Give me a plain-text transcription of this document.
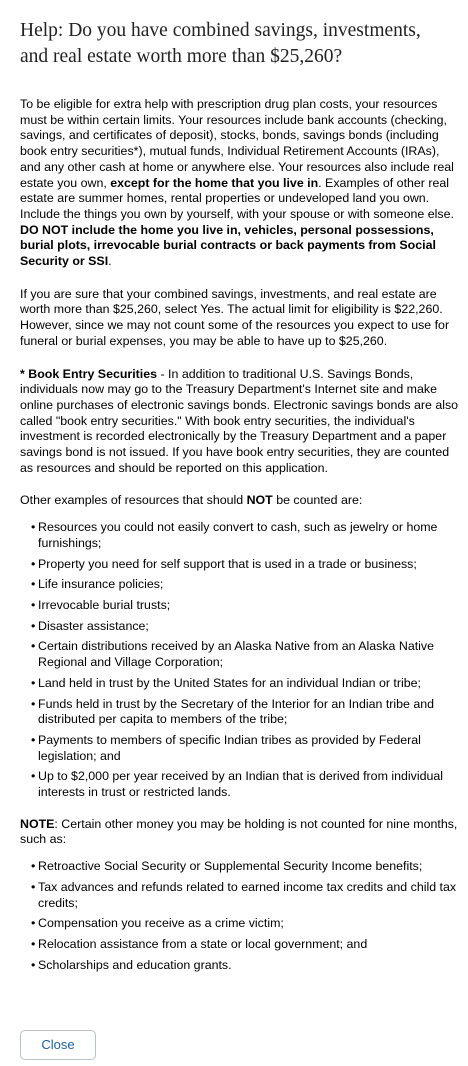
Help: Do you have combined savings, investments, and real estate worth more than $25,260?

To be eligible for extra help with prescription drug plan costs, your resources must be within certain limits. Your resources include bank accounts (checking, savings, and certificates of deposit), stocks, bonds, savings bonds (including book entry securities*), mutual funds, Individual Retirement Accounts (IRAs), and any other cash at home or anywhere else. Your resources also include real estate you own, except for the home that you live in. Examples of other real estate are summer homes, rental properties or undeveloped land you own. Include the things you own by yourself, with your spouse or with someone else. DO NOT include the home you live in, vehicles, personal possessions, burial plots, irrevocable burial contracts or back payments from Social Security or SSI.

If you are sure that your combined savings, investments, and real estate are worth more than $25,260, select Yes. The actual limit for eligibility is $22,260. However, since we may not count some of the resources you expect to use for funeral or burial expenses, you may be able to have up to $25,260.

* Book Entry Securities - In addition to traditional U.S. Savings Bonds, individuals now may go to the Treasury Department's Internet site and make online purchases of electronic savings bonds. Electronic savings bonds are also called "book entry securities." With book entry securities, the individual's investment is recorded electronically by the Treasury Department and a paper savings bond is not issued. If you have book entry securities, they are counted as resources and should be reported on this application.

Other examples of resources that should NOT be counted are:

• Resources you could not easily convert to cash, such as jewelry or home furnishings;
• Property you need for self support that is used in a trade or business;
• Life insurance policies;
• Irrevocable burial trusts;
• Disaster assistance;
• Certain distributions received by an Alaska Native from an Alaska Native Regional and Village Corporation;
• Land held in trust by the United States for an individual Indian or tribe;
• Funds held in trust by the Secretary of the Interior for an Indian tribe and distributed per capita to members of the tribe;
• Payments to members of specific Indian tribes as provided by Federal legislation; and
• Up to $2,000 per year received by an Indian that is derived from individual interests in trust or restricted lands.

NOTE: Certain other money you may be holding is not counted for nine months, such as:

• Retroactive Social Security or Supplemental Security Income benefits;
• Tax advances and refunds related to earned income tax credits and child tax credits;
• Compensation you receive as a crime victim;
• Relocation assistance from a state or local government; and
• Scholarships and education grants.
Close
